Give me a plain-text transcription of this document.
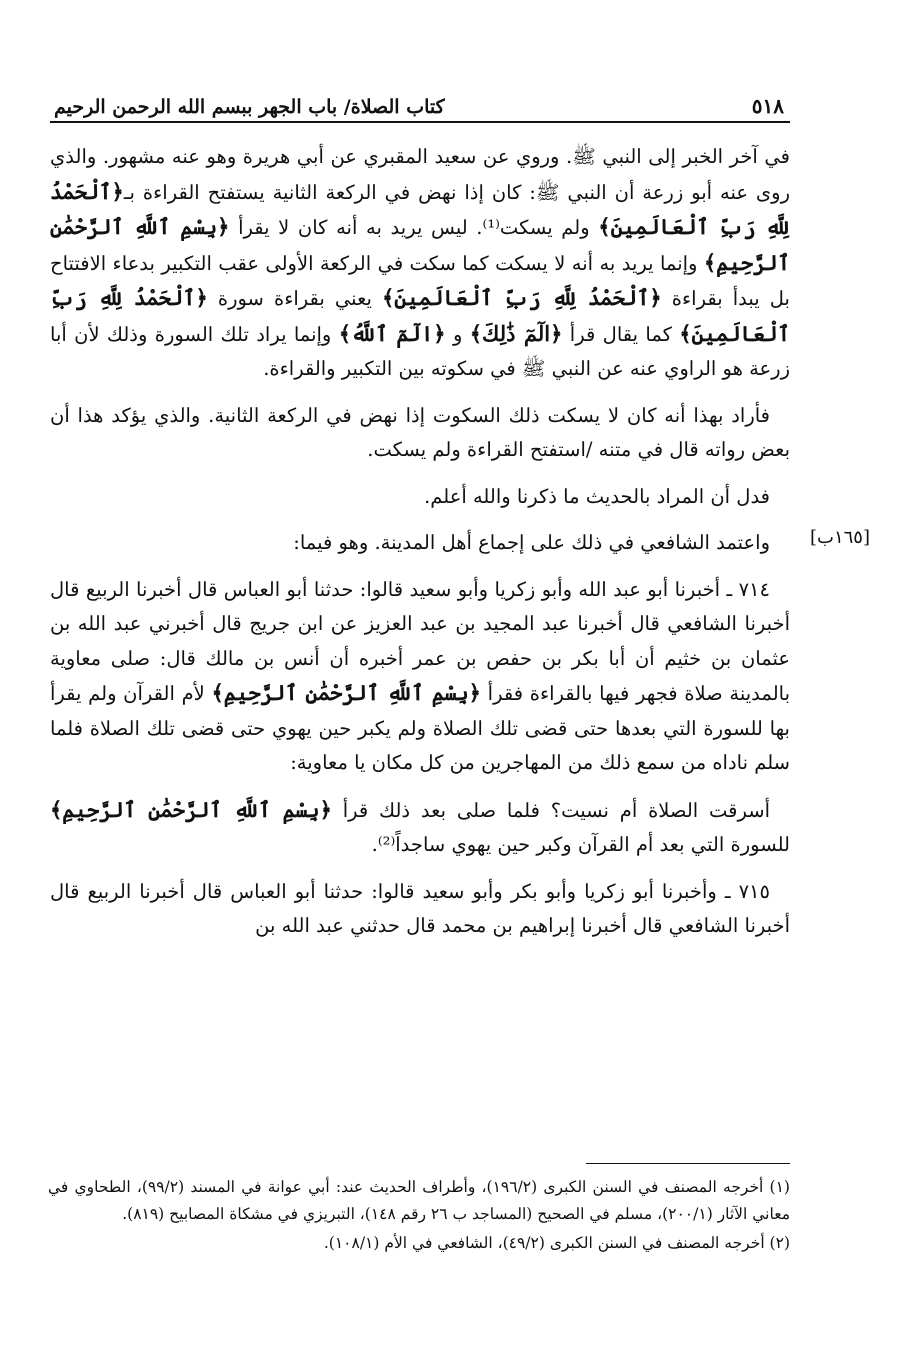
٥١٨
كتاب الصلاة/ باب الجهر ببسم الله الرحمن الرحيم

في آخر الخبر إلى النبي ﷺ. وروي عن سعيد المقبري عن أبي هريرة وهو عنه مشهور. والذي روى عنه أبو زرعة أن النبي ﷺ: كان إذا نهض في الركعة الثانية يستفتح القراءة بـ﴿ٱلْحَمْدُ لِلَّهِ رَبِّ ٱلْعَالَمِينَ﴾ ولم يسكت⁽¹⁾. ليس يريد به أنه كان لا يقرأ ﴿بِسْمِ ٱللَّهِ ٱلرَّحْمَٰنِ ٱلرَّحِيمِ﴾ وإنما يريد به أنه لا يسكت كما سكت في الركعة الأولى عقب التكبير بدعاء الافتتاح بل يبدأ بقراءة ﴿ٱلْحَمْدُ لِلَّهِ رَبِّ ٱلْعَالَمِينَ﴾ يعني بقراءة سورة ﴿ٱلْحَمْدُ لِلَّهِ رَبِّ ٱلْعَالَمِينَ﴾ كما يقال قرأ ﴿الٓمٓ ذَٰلِكَ﴾ و ﴿الٓمٓ ٱللَّهُ﴾ وإنما يراد تلك السورة وذلك لأن أبا زرعة هو الراوي عنه عن النبي ﷺ في سكوته بين التكبير والقراءة.

فأراد بهذا أنه كان لا يسكت ذلك السكوت إذا نهض في الركعة الثانية. والذي يؤكد هذا أن بعض رواته قال في متنه /استفتح القراءة ولم يسكت.

فدل أن المراد بالحديث ما ذكرنا والله أعلم.

واعتمد الشافعي في ذلك على إجماع أهل المدينة. وهو فيما:

٧١٤ ـ أخبرنا أبو عبد الله وأبو زكريا وأبو سعيد قالوا: حدثنا أبو العباس قال أخبرنا الربيع قال أخبرنا الشافعي قال أخبرنا عبد المجيد بن عبد العزيز عن ابن جريج قال أخبرني عبد الله بن عثمان بن خثيم أن أبا بكر بن حفص بن عمر أخبره أن أنس بن مالك قال: صلى معاوية بالمدينة صلاة فجهر فيها بالقراءة فقرأ ﴿بِسْمِ ٱللَّهِ ٱلرَّحْمَٰنِ ٱلرَّحِيمِ﴾ لأم القرآن ولم يقرأ بها للسورة التي بعدها حتى قضى تلك الصلاة ولم يكبر حين يهوي حتى قضى تلك الصلاة فلما سلم ناداه من سمع ذلك من المهاجرين من كل مكان يا معاوية:

أسرقت الصلاة أم نسيت؟ فلما صلى بعد ذلك قرأ ﴿بِسْمِ ٱللَّهِ ٱلرَّحْمَٰنِ ٱلرَّحِيمِ﴾ للسورة التي بعد أم القرآن وكبر حين يهوي ساجداً⁽²⁾.

٧١٥ ـ وأخبرنا أبو زكريا وأبو بكر وأبو سعيد قالوا: حدثنا أبو العباس قال أخبرنا الربيع قال أخبرنا الشافعي قال أخبرنا إبراهيم بن محمد قال حدثني عبد الله بن

[١٦٥ب]

(١) أخرجه المصنف في السنن الكبرى (١٩٦/٢)، وأطراف الحديث عند: أبي عوانة في المسند (٩٩/٢)، الطحاوي في معاني الآثار (٢٠٠/١)، مسلم في الصحيح (المساجد ب ٢٦ رقم ١٤٨)، التبريزي في مشكاة المصابيح (٨١٩).

(٢) أخرجه المصنف في السنن الكبرى (٤٩/٢)، الشافعي في الأم (١٠٨/١).
